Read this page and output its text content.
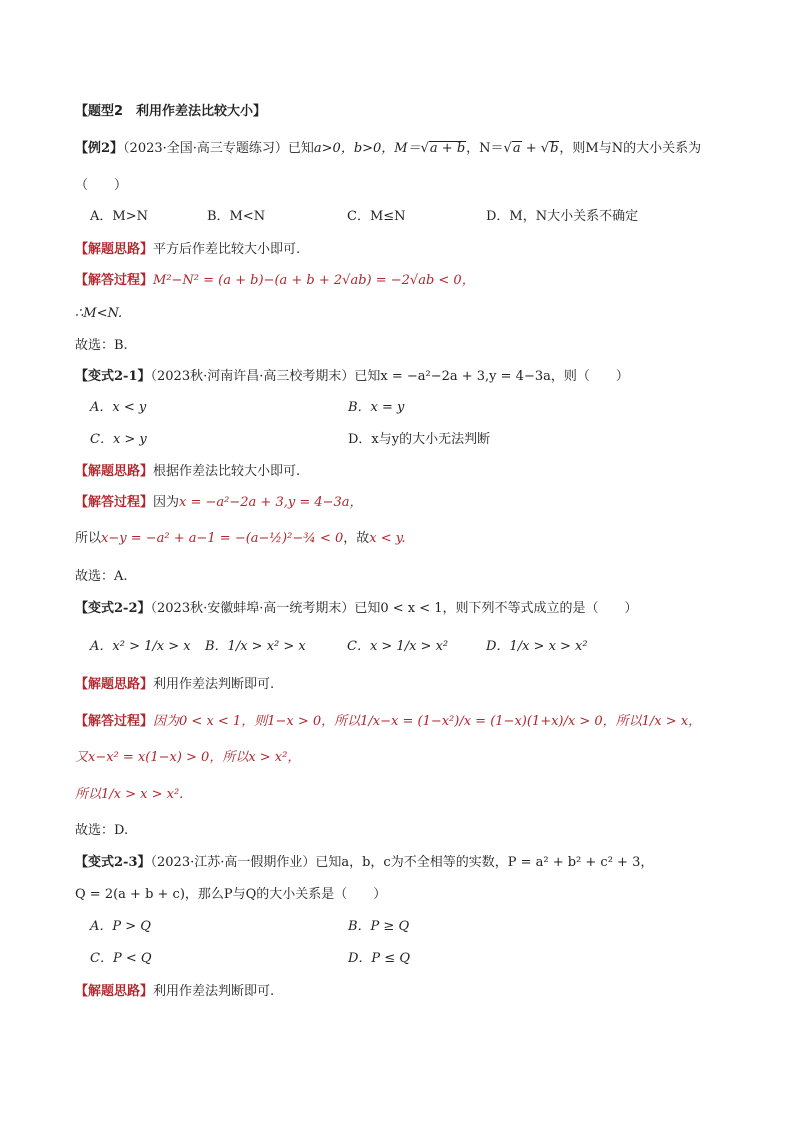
【题型2　利用作差法比较大小】
【例2】（2023·全国·高三专题练习）已知a>0，b>0，M＝√a + b，N＝√a + √b，则M与N的大小关系为
（　　）
A．M>N	B．M<N	C．M≤N	D．M，N大小关系不确定
【解题思路】平方后作差比较大小即可.
【解答过程】M²−N² = (a + b)−(a + b + 2√ab) = −2√ab < 0，
∴M<N.
故选：B.
【变式2-1】（2023秋·河南许昌·高三校考期末）已知x = −a²−2a + 3,y = 4−3a，则（　　）
A．x < y	B．x = y
C．x > y	D．x与y的大小无法判断
【解题思路】根据作差法比较大小即可.
【解答过程】因为x = −a²−2a + 3,y = 4−3a，
所以x−y = −a² + a−1 = −(a−½)²−¾ < 0，故x < y.
故选：A.
【变式2-2】（2023秋·安徽蚌埠·高一统考期末）已知0 < x < 1，则下列不等式成立的是（　　）
A．x² > 1/x > x B．1/x > x² > x	C．x > 1/x > x²	D．1/x > x > x²
【解题思路】利用作差法判断即可.
【解答过程】因为0 < x < 1，则1−x > 0，所以1/x−x = (1−x²)/x = (1−x)(1+x)/x > 0，所以1/x > x，
又x−x² = x(1−x) > 0，所以x > x²，
所以1/x > x > x².
故选：D.
【变式2-3】（2023·江苏·高一假期作业）已知a，b，c为不全相等的实数，P = a² + b² + c² + 3，
Q = 2(a + b + c)，那么P与Q的大小关系是（　　）
A．P > Q	B．P ≥ Q
C．P < Q	D．P ≤ Q
【解题思路】利用作差法判断即可.
